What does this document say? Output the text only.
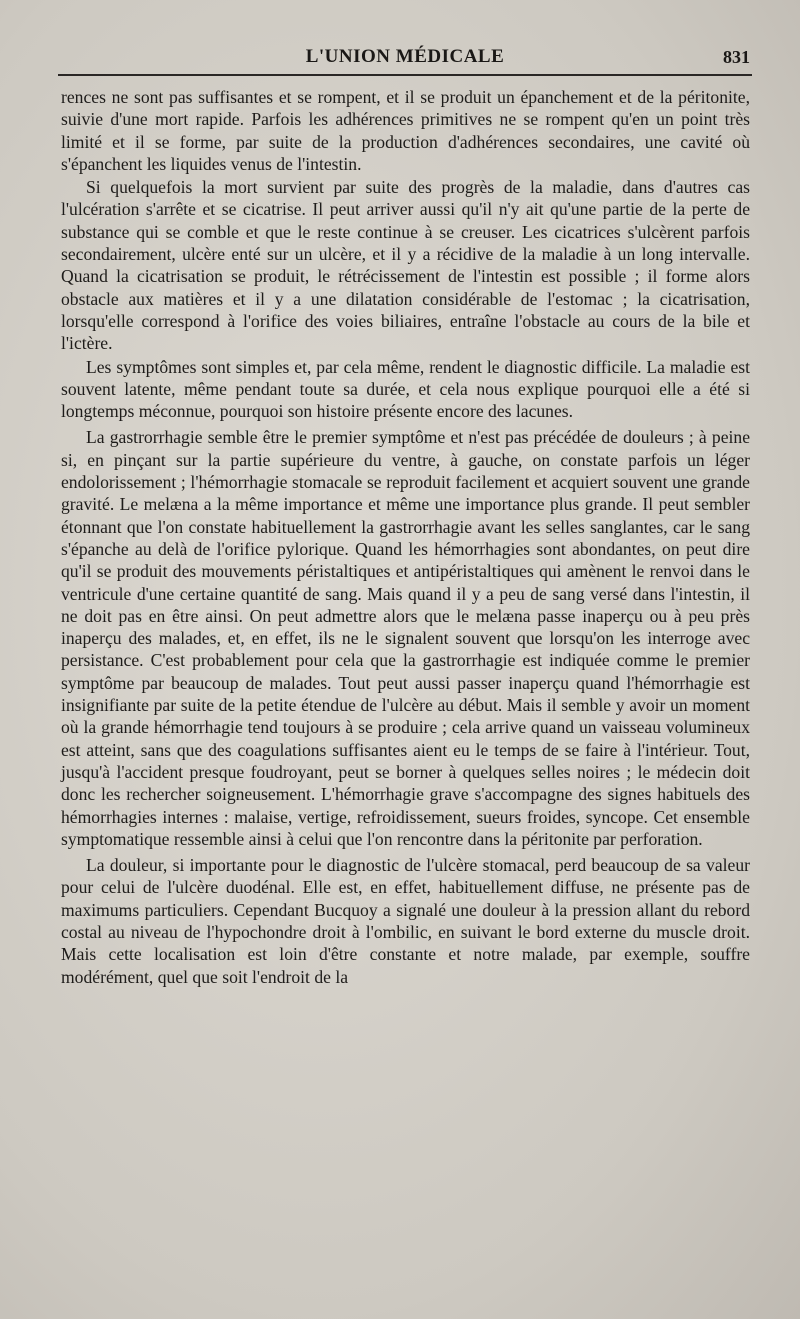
L'UNION MÉDICALE	831

rences ne sont pas suffisantes et se rompent, et il se produit un épanchement et de la péritonite, suivie d'une mort rapide. Parfois les adhérences primitives ne se rompent qu'en un point très limité et il se forme, par suite de la production d'adhérences secondaires, une cavité où s'épanchent les liquides venus de l'intestin.

Si quelquefois la mort survient par suite des progrès de la maladie, dans d'autres cas l'ulcération s'arrête et se cicatrise. Il peut arriver aussi qu'il n'y ait qu'une partie de la perte de substance qui se comble et que le reste continue à se creuser. Les cicatrices s'ulcèrent parfois secondairement, ulcère enté sur un ulcère, et il y a récidive de la maladie à un long intervalle. Quand la cicatrisation se produit, le rétrécissement de l'intestin est possible ; il forme alors obstacle aux matières et il y a une dilatation considérable de l'estomac ; la cicatrisation, lorsqu'elle correspond à l'orifice des voies biliaires, entraîne l'obstacle au cours de la bile et l'ictère.

Les symptômes sont simples et, par cela même, rendent le diagnostic difficile. La maladie est souvent latente, même pendant toute sa durée, et cela nous explique pourquoi elle a été si longtemps méconnue, pourquoi son histoire présente encore des lacunes.

La gastrorrhagie semble être le premier symptôme et n'est pas précédée de douleurs ; à peine si, en pinçant sur la partie supérieure du ventre, à gauche, on constate parfois un léger endolorissement ; l'hémorrhagie stomacale se reproduit facilement et acquiert souvent une grande gravité. Le melæna a la même importance et même une importance plus grande. Il peut sembler étonnant que l'on constate habituellement la gastrorrhagie avant les selles sanglantes, car le sang s'épanche au delà de l'orifice pylorique. Quand les hémorrhagies sont abondantes, on peut dire qu'il se produit des mouvements péristaltiques et antipéristaltiques qui amènent le renvoi dans le ventricule d'une certaine quantité de sang. Mais quand il y a peu de sang versé dans l'intestin, il ne doit pas en être ainsi. On peut admettre alors que le melæna passe inaperçu ou à peu près inaperçu des malades, et, en effet, ils ne le signalent souvent que lorsqu'on les interroge avec persistance. C'est probablement pour cela que la gastrorrhagie est indiquée comme le premier symptôme par beaucoup de malades. Tout peut aussi passer inaperçu quand l'hémorrhagie est insignifiante par suite de la petite étendue de l'ulcère au début. Mais il semble y avoir un moment où la grande hémorrhagie tend toujours à se produire ; cela arrive quand un vaisseau volumineux est atteint, sans que des coagulations suffisantes aient eu le temps de se faire à l'intérieur. Tout, jusqu'à l'accident presque foudroyant, peut se borner à quelques selles noires ; le médecin doit donc les rechercher soigneusement. L'hémorrhagie grave s'accompagne des signes habituels des hémorrhagies internes : malaise, vertige, refroidissement, sueurs froides, syncope. Cet ensemble symptomatique ressemble ainsi à celui que l'on rencontre dans la péritonite par perforation.

La douleur, si importante pour le diagnostic de l'ulcère stomacal, perd beaucoup de sa valeur pour celui de l'ulcère duodénal. Elle est, en effet, habituellement diffuse, ne présente pas de maximums particuliers. Cependant Bucquoy a signalé une douleur à la pression allant du rebord costal au niveau de l'hypochondre droit à l'ombilic, en suivant le bord externe du muscle droit. Mais cette localisation est loin d'être constante et notre malade, par exemple, souffre modérément, quel que soit l'endroit de la
